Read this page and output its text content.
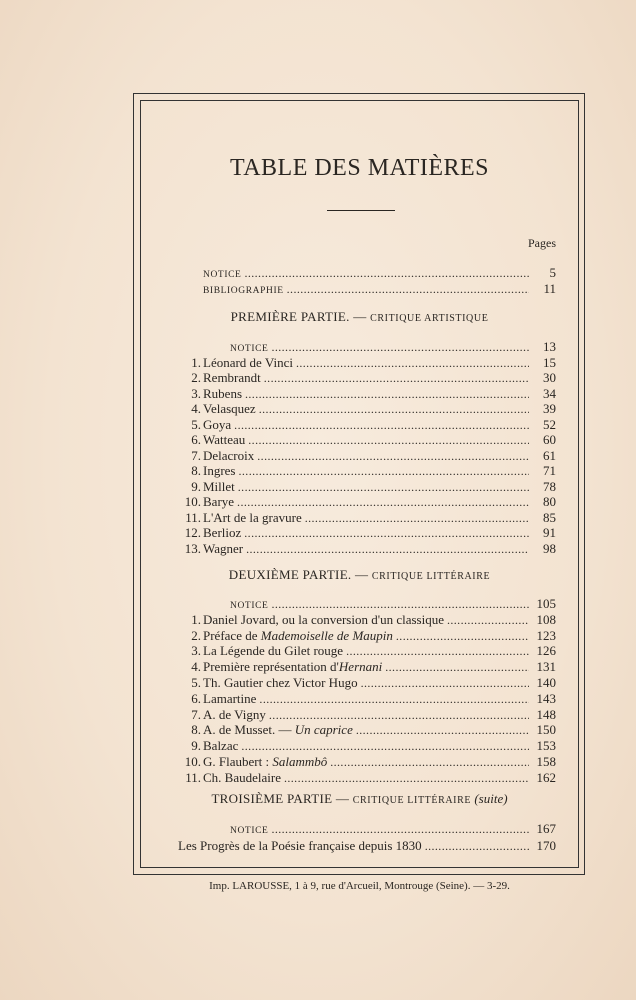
TABLE DES MATIÈRES
Pages
NOTICE . . .	5
BIBLIOGRAPHIE . . .	11
PREMIÈRE PARTIE. — CRITIQUE ARTISTIQUE
NOTICE . . .	13
1. Léonard de Vinci . . .	15
2. Rembrandt . . .	30
3. Rubens . . .	34
4. Velasquez . . .	39
5. Goya . . .	52
6. Watteau . . .	60
7. Delacroix . . .	61
8. Ingres . . .	71
9. Millet . . .	78
10. Barye . . .	80
11. L'Art de la gravure . . .	85
12. Berlioz . . .	91
13. Wagner . . .	98
DEUXIÈME PARTIE. — CRITIQUE LITTÉRAIRE
NOTICE . . .	105
1. Daniel Jovard, ou la conversion d'un classique . . .	108
2. Préface de Mademoiselle de Maupin . . .	123
3. La Légende du Gilet rouge . . .	126
4. Première représentation d'Hernani . . .	131
5. Th. Gautier chez Victor Hugo . . .	140
6. Lamartine . . .	143
7. A. de Vigny . . .	148
8. A. de Musset. — Un caprice . . .	150
9. Balzac . . .	153
10. G. Flaubert : Salammbô . . .	158
11. Ch. Baudelaire . . .	162
TROISIÈME PARTIE — CRITIQUE LITTÉRAIRE (suite)
NOTICE . . .	167
Les Progrès de la Poésie française depuis 1830 . . .	170
Imp. LAROUSSE, 1 à 9, rue d'Arcueil, Montrouge (Seine). — 3-29.
